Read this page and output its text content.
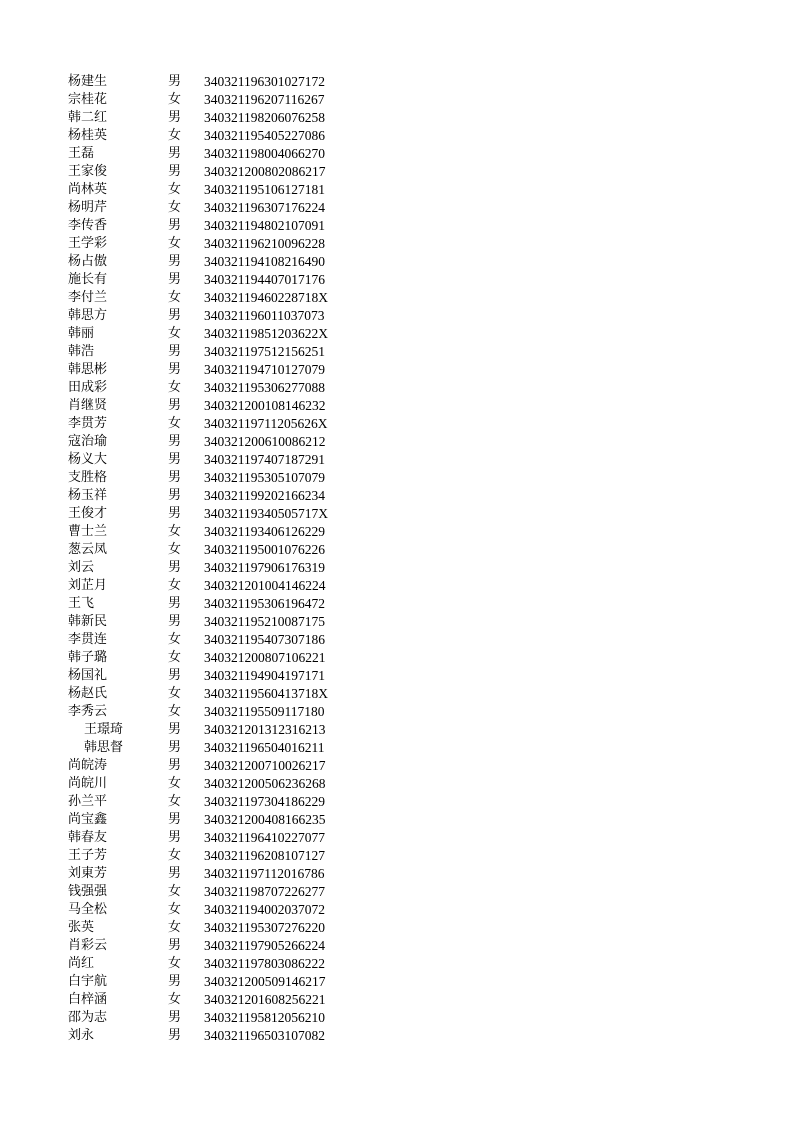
杨建生	男 340321196301027172
宗桂花	女 340321196207116267
韩二红	男 340321198206076258
杨桂英	女 340321195405227086
王磊	男 340321198004066270
王家俊	男 340321200802086217
尚林英	女 340321195106127181
杨明芹	女 340321196307176224
李传香	男 340321194802107091
王学彩	女 340321196210096228
杨占傲	男 340321194108216490
施长有	男 340321194407017176
李付兰	女 34032119460228718X
韩思方	男 340321196011037073
韩丽	女 34032119851203622X
韩浩	男 340321197512156251
韩思彬	男 340321194710127079
田成彩	女 340321195306277088
肖继贤	男 340321200108146232
李贯芳	女 34032119711205626X
寇治瑜	男 340321200610086212
杨义大	男 340321197407187291
支胜格	男 340321195305107079
杨玉祥	男 340321199202166234
王俊才	男 34032119340505717X
曹士兰	女 340321193406126229
葱云凤	女 340321195001076226
刘云	男 340321197906176319
刘芷月	女 340321201004146224
王飞	男 340321195306196472
韩新民	男 340321195210087175
李贯连	女 340321195407307186
韩子璐	女 340321200807106221
杨国礼	男 340321194904197171
杨赵氏	女 34032119560413718X
李秀云	女 340321195509117180
王璟琦	男 340321201312316213
韩思督	男 340321196504016211
尚皖涛	男 340321200710026217
尚皖川	女 340321200506236268
孙兰平	女 340321197304186229
尚宝鑫	男 340321200408166235
韩春友	男 340321196410227077
王子芳	女 340321196208107127
刘東芳	男 340321197112016786
钱强强	女 340321198707226277
马全松	女 340321194002037072
张英	女 340321195307276220
肖彩云	男 340321197905266224
尚红	女 340321197803086222
白宇航	男 340321200509146217
白梓涵	女 340321201608256221
邵为志	男 340321195812056210
刘永	男 340321196503107082
